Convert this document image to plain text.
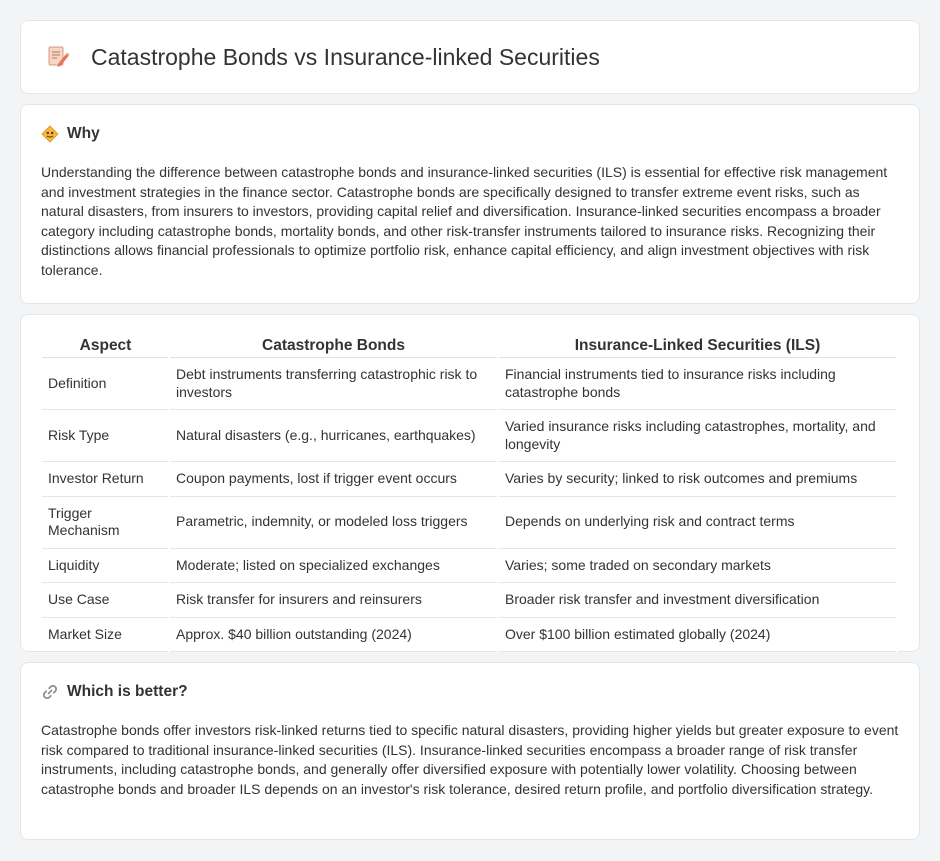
Catastrophe Bonds vs Insurance-linked Securities
Why

Understanding the difference between catastrophe bonds and insurance-linked securities (ILS) is essential for effective risk management and investment strategies in the finance sector. Catastrophe bonds are specifically designed to transfer extreme event risks, such as natural disasters, from insurers to investors, providing capital relief and diversification. Insurance-linked securities encompass a broader category including catastrophe bonds, mortality bonds, and other risk-transfer instruments tailored to insurance risks. Recognizing their distinctions allows financial professionals to optimize portfolio risk, enhance capital efficiency, and align investment objectives with risk tolerance.

Aspect	Catastrophe Bonds	Insurance-Linked Securities (ILS)
Definition	Debt instruments transferring catastrophic risk to investors	Financial instruments tied to insurance risks including catastrophe bonds
Risk Type	Natural disasters (e.g., hurricanes, earthquakes)	Varied insurance risks including catastrophes, mortality, and longevity
Investor Return	Coupon payments, lost if trigger event occurs	Varies by security; linked to risk outcomes and premiums
Trigger Mechanism	Parametric, indemnity, or modeled loss triggers	Depends on underlying risk and contract terms
Liquidity	Moderate; listed on specialized exchanges	Varies; some traded on secondary markets
Use Case	Risk transfer for insurers and reinsurers	Broader risk transfer and investment diversification
Market Size	Approx. $40 billion outstanding (2024)	Over $100 billion estimated globally (2024)
Which is better?

Catastrophe bonds offer investors risk-linked returns tied to specific natural disasters, providing higher yields but greater exposure to event risk compared to traditional insurance-linked securities (ILS). Insurance-linked securities encompass a broader range of risk transfer instruments, including catastrophe bonds, and generally offer diversified exposure with potentially lower volatility. Choosing between catastrophe bonds and broader ILS depends on an investor's risk tolerance, desired return profile, and portfolio diversification strategy.
